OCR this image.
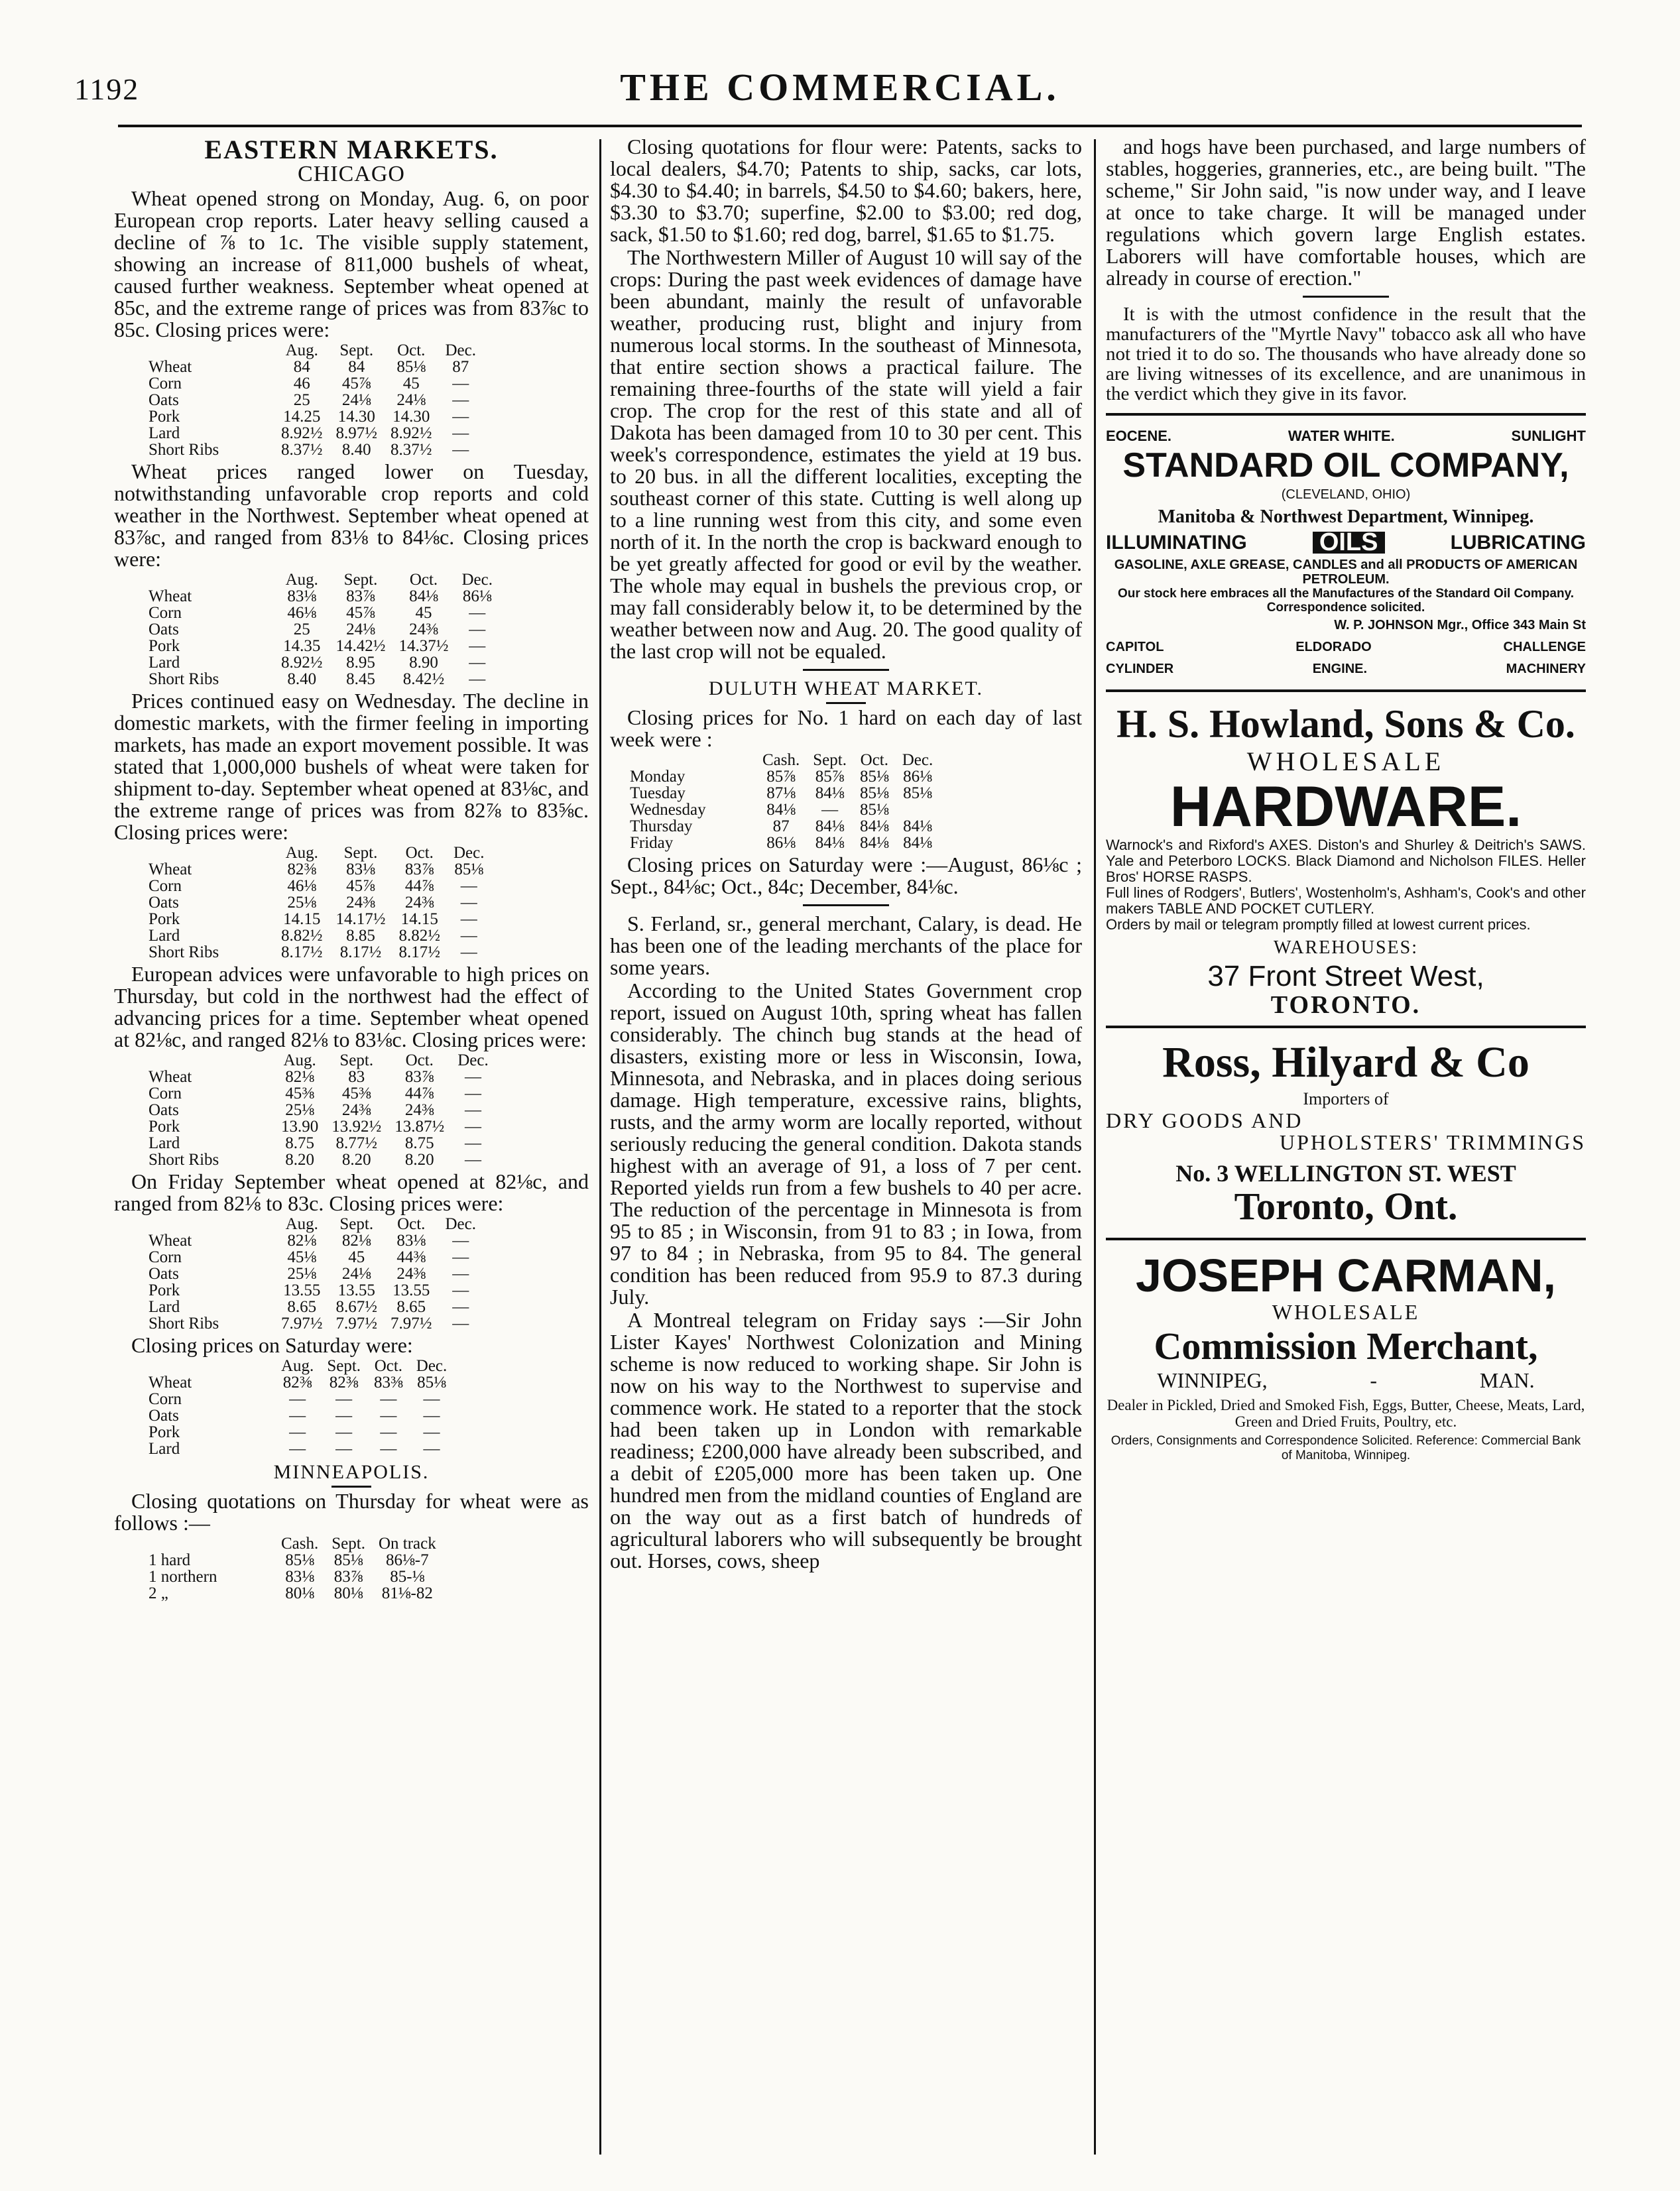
1192	THE COMMERCIAL.
EASTERN MARKETS.
CHICAGO

Wheat opened strong on Monday, Aug. 6, on poor European crop reports. Later heavy selling caused a decline of ⅞ to 1c. The visible supply statement, showing an increase of 811,000 bushels of wheat, caused further weakness. September wheat opened at 85c, and the extreme range of prices was from 83⅞c to 85c. Closing prices were:

	Aug.	Sept.	Oct.	Dec.
Wheat	84	84	85⅛	87
Corn	46	45⅞	45	—
Oats	25	24⅛	24⅛	—
Pork	14.25	14.30	14.30	—
Lard	8.92½	8.97½	8.92½	—
Short Ribs	8.37½	8.40	8.37½	—

Wheat prices ranged lower on Tuesday, notwithstanding unfavorable crop reports and cold weather in the Northwest. September wheat opened at 83⅞c, and ranged from 83⅛ to 84⅛c. Closing prices were:

	Aug.	Sept.	Oct.	Dec.
Wheat	83⅛	83⅞	84⅛	86⅛
Corn	46⅛	45⅞	45	—
Oats	25	24⅛	24⅜	—
Pork	14.35	14.42½	14.37½	—
Lard	8.92½	8.95	8.90	—
Short Ribs	8.40	8.45	8.42½	—

Prices continued easy on Wednesday. The decline in domestic markets, with the firmer feeling in importing markets, has made an export movement possible. It was stated that 1,000,000 bushels of wheat were taken for shipment to-day. September wheat opened at 83⅛c, and the extreme range of prices was from 82⅞ to 83⅝c. Closing prices were:

	Aug.	Sept.	Oct.	Dec.
Wheat	82⅜	83⅛	83⅞	85⅛
Corn	46⅛	45⅞	44⅞	—
Oats	25⅛	24⅜	24⅜	—
Pork	14.15	14.17½	14.15	—
Lard	8.82½	8.85	8.82½	—
Short Ribs	8.17½	8.17½	8.17½	—

European advices were unfavorable to high prices on Thursday, but cold in the northwest had the effect of advancing prices for a time. September wheat opened at 82⅛c, and ranged 82⅛ to 83⅛c. Closing prices were:

	Aug.	Sept.	Oct.	Dec.
Wheat	82⅛	83	83⅞	—
Corn	45⅜	45⅜	44⅞	—
Oats	25⅛	24⅜	24⅜	—
Pork	13.90	13.92½	13.87½	—
Lard	8.75	8.77½	8.75	—
Short Ribs	8.20	8.20	8.20	—

On Friday September wheat opened at 82⅛c, and ranged from 82⅛ to 83c. Closing prices were:

	Aug.	Sept.	Oct.	Dec.
Wheat	82⅛	82⅛	83⅛	—
Corn	45⅛	45	44⅜	—
Oats	25⅛	24⅛	24⅜	—
Pork	13.55	13.55	13.55	—
Lard	8.65	8.67½	8.65	—
Short Ribs	7.97½	7.97½	7.97½	—

Closing prices on Saturday were:

	Aug.	Sept.	Oct.	Dec.
Wheat	82⅜	82⅜	83⅜	85⅛
Corn	—	—	—	—
Oats	—	—	—	—
Pork	—	—	—	—
Lard	—	—	—	—
MINNEAPOLIS.

Closing quotations on Thursday for wheat were as follows :—

	Cash.	Sept.	On track
1 hard	85⅛	85⅛	86⅛-7
1 northern	83⅛	83⅞	85-⅛
2 „	80⅛	80⅛	81⅛-82

Closing quotations for flour were: Patents, sacks to local dealers, $4.70; Patents to ship, sacks, car lots, $4.30 to $4.40; in barrels, $4.50 to $4.60; bakers, here, $3.30 to $3.70; superfine, $2.00 to $3.00; red dog, sack, $1.50 to $1.60; red dog, barrel, $1.65 to $1.75.

The Northwestern Miller of August 10 will say of the crops: During the past week evidences of damage have been abundant, mainly the result of unfavorable weather, producing rust, blight and injury from numerous local storms. In the southeast of Minnesota, that entire section shows a practical failure. The remaining three-fourths of the state will yield a fair crop. The crop for the rest of this state and all of Dakota has been damaged from 10 to 30 per cent. This week's correspondence, estimates the yield at 19 bus. to 20 bus. in all the different localities, excepting the southeast corner of this state. Cutting is well along up to a line running west from this city, and some even north of it. In the north the crop is backward enough to be yet greatly affected for good or evil by the weather. The whole may equal in bushels the previous crop, or may fall considerably below it, to be determined by the weather between now and Aug. 20. The good quality of the last crop will not be equaled.

DULUTH WHEAT MARKET.

Closing prices for No. 1 hard on each day of last week were :

	Cash.	Sept.	Oct.	Dec.
Monday	85⅞	85⅞	85⅛	86⅛
Tuesday	87⅛	84⅛	85⅛	85⅛
Wednesday	84⅛	—	85⅛	
Thursday	87	84⅛	84⅛	84⅛
Friday	86⅛	84⅛	84⅛	84⅛

Closing prices on Saturday were :—August, 86⅛c ; Sept., 84⅛c; Oct., 84c; December, 84⅛c.

S. Ferland, sr., general merchant, Calary, is dead. He has been one of the leading merchants of the place for some years.

According to the United States Government crop report, issued on August 10th, spring wheat has fallen considerably. The chinch bug stands at the head of disasters, existing more or less in Wisconsin, Iowa, Minnesota, and Nebraska, and in places doing serious damage. High temperature, excessive rains, blights, rusts, and the army worm are locally reported, without seriously reducing the general condition. Dakota stands highest with an average of 91, a loss of 7 per cent. Reported yields run from a few bushels to 40 per acre. The reduction of the percentage in Minnesota is from 95 to 85 ; in Wisconsin, from 91 to 83 ; in Iowa, from 97 to 84 ; in Nebraska, from 95 to 84. The general condition has been reduced from 95.9 to 87.3 during July.

A Montreal telegram on Friday says :—Sir John Lister Kayes' Northwest Colonization and Mining scheme is now reduced to working shape. Sir John is now on his way to the Northwest to supervise and commence work. He stated to a reporter that the stock had been taken up in London with remarkable readiness; £200,000 have already been subscribed, and a debit of £205,000 more has been taken up. One hundred men from the midland counties of England are on the way out as a first batch of hundreds of agricultural laborers who will subsequently be brought out. Horses, cows, sheep

and hogs have been purchased, and large numbers of stables, hoggeries, granneries, etc., are being built. "The scheme," Sir John said, "is now under way, and I leave at once to take charge. It will be managed under regulations which govern large English estates. Laborers will have comfortable houses, which are already in course of erection."

It is with the utmost confidence in the result that the manufacturers of the "Myrtle Navy" tobacco ask all who have not tried it to do so. The thousands who have already done so are living witnesses of its excellence, and are unanimous in the verdict which they give in its favor.

EOCENE.	WATER WHITE.	SUNLIGHT
STANDARD OIL COMPANY,
(CLEVELAND, OHIO)
Manitoba & Northwest Department, Winnipeg.
ILLUMINATING	OILS	LUBRICATING
GASOLINE, AXLE GREASE, CANDLES and all PRODUCTS OF AMERICAN PETROLEUM.
Our stock here embraces all the Manufactures of the Standard Oil Company. Correspondence solicited.
W. P. JOHNSON Mgr., Office 343 Main St
CAPITOL	ELDORADO	CHALLENGE
CYLINDER	ENGINE.	MACHINERY
H. S. Howland, Sons & Co.
WHOLESALE
HARDWARE.
Warnock's and Rixford's AXES. Diston's and Shurley & Deitrich's SAWS. Yale and Peterboro LOCKS. Black Diamond and Nicholson FILES. Heller Bros' HORSE RASPS.
Full lines of Rodgers', Butlers', Wostenholm's, Ashham's, Cook's and other makers TABLE AND POCKET CUTLERY.
Orders by mail or telegram promptly filled at lowest current prices.
WAREHOUSES:
37 Front Street West,
TORONTO.
Ross, Hilyard & Co
Importers of
DRY GOODS AND
UPHOLSTERS' TRIMMINGS
No. 3 WELLINGTON ST. WEST
Toronto, Ont.
JOSEPH CARMAN,
WHOLESALE
Commission Merchant,
WINNIPEG,	-	MAN.
Dealer in Pickled, Dried and Smoked Fish, Eggs, Butter, Cheese, Meats, Lard, Green and Dried Fruits, Poultry, etc.
Orders, Consignments and Correspondence Solicited. Reference: Commercial Bank of Manitoba, Winnipeg.
